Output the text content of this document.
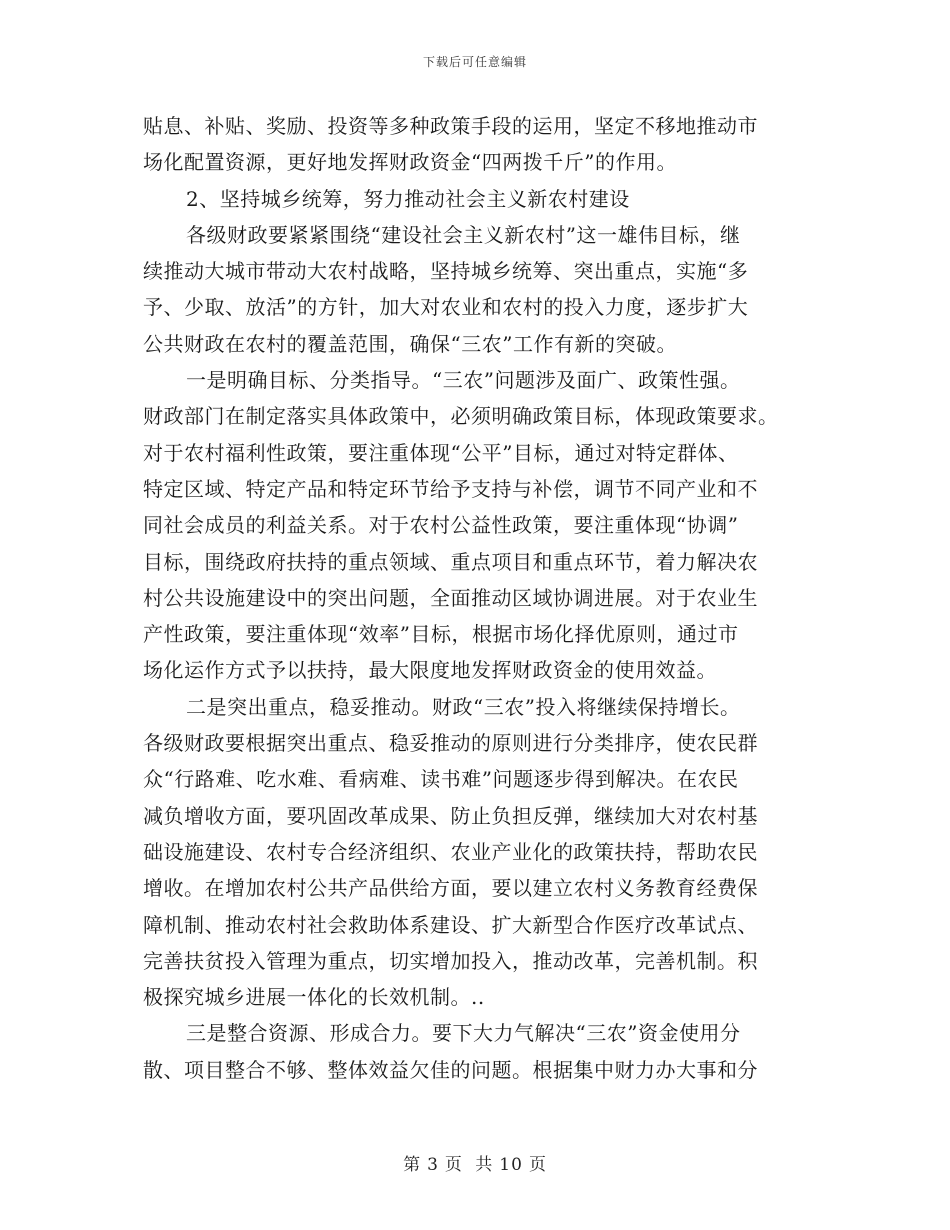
下载后可任意编辑
贴息、补贴、奖励、投资等多种政策手段的运用，坚定不移地推动市
场化配置资源，更好地发挥财政资金“四两拨千斤”的作用。
2、坚持城乡统筹，努力推动社会主义新农村建设
各级财政要紧紧围绕“建设社会主义新农村”这一雄伟目标，继
续推动大城市带动大农村战略，坚持城乡统筹、突出重点，实施“多
予、少取、放活”的方针，加大对农业和农村的投入力度，逐步扩大
公共财政在农村的覆盖范围，确保“三农”工作有新的突破。
一是明确目标、分类指导。“三农”问题涉及面广、政策性强。
财政部门在制定落实具体政策中，必须明确政策目标，体现政策要求。
对于农村福利性政策，要注重体现“公平”目标，通过对特定群体、
特定区域、特定产品和特定环节给予支持与补偿，调节不同产业和不
同社会成员的利益关系。对于农村公益性政策，要注重体现“协调”
目标，围绕政府扶持的重点领域、重点项目和重点环节，着力解决农
村公共设施建设中的突出问题，全面推动区域协调进展。对于农业生
产性政策，要注重体现“效率”目标，根据市场化择优原则，通过市
场化运作方式予以扶持，最大限度地发挥财政资金的使用效益。
二是突出重点，稳妥推动。财政“三农”投入将继续保持增长。
各级财政要根据突出重点、稳妥推动的原则进行分类排序，使农民群
众“行路难、吃水难、看病难、读书难”问题逐步得到解决。在农民
减负增收方面，要巩固改革成果、防止负担反弹，继续加大对农村基
础设施建设、农村专合经济组织、农业产业化的政策扶持，帮助农民
增收。在增加农村公共产品供给方面，要以建立农村义务教育经费保
障机制、推动农村社会救助体系建设、扩大新型合作医疗改革试点、
完善扶贫投入管理为重点，切实增加投入，推动改革，完善机制。积
极探究城乡进展一体化的长效机制。..
三是整合资源、形成合力。要下大力气解决“三农”资金使用分
散、项目整合不够、整体效益欠佳的问题。根据集中财力办大事和分
第 3 页 共 10 页
